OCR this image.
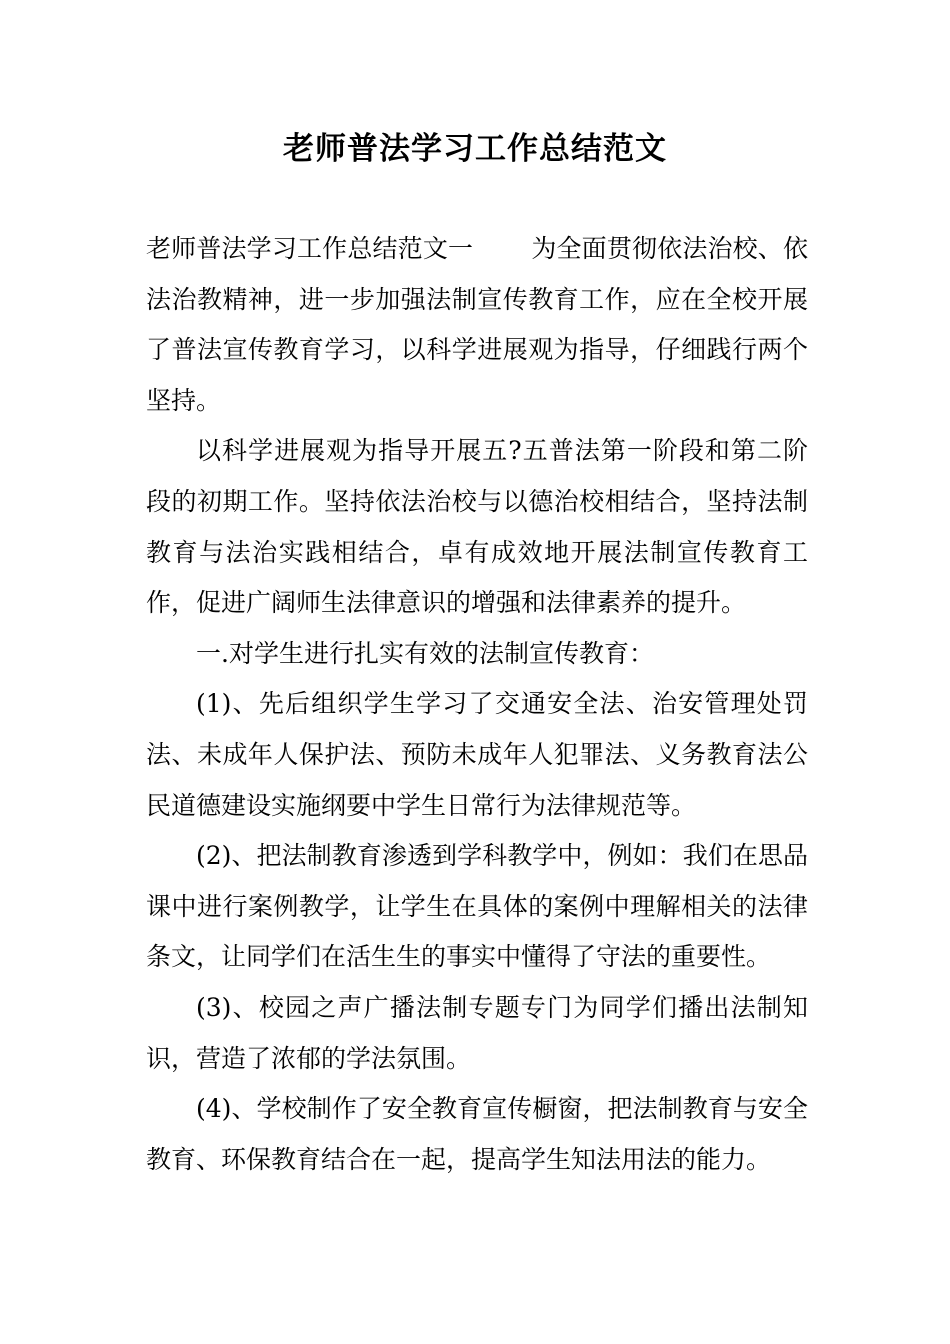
老师普法学习工作总结范文

老师普法学习工作总结范文一 为全面贯彻依法治校、依法治教精神，进一步加强法制宣传教育工作，应在全校开展了普法宣传教育学习，以科学进展观为指导，仔细践行两个坚持。

以科学进展观为指导开展五?五普法第一阶段和第二阶段的初期工作。坚持依法治校与以德治校相结合，坚持法制教育与法治实践相结合，卓有成效地开展法制宣传教育工作，促进广阔师生法律意识的增强和法律素养的提升。

一.对学生进行扎实有效的法制宣传教育：

(1)、先后组织学生学习了交通安全法、治安管理处罚法、未成年人保护法、预防未成年人犯罪法、义务教育法公民道德建设实施纲要中学生日常行为法律规范等。

(2)、把法制教育渗透到学科教学中，例如：我们在思品课中进行案例教学，让学生在具体的案例中理解相关的法律条文，让同学们在活生生的事实中懂得了守法的重要性。

(3)、校园之声广播法制专题专门为同学们播出法制知识，营造了浓郁的学法氛围。

(4)、学校制作了安全教育宣传橱窗，把法制教育与安全教育、环保教育结合在一起，提高学生知法用法的能力。
